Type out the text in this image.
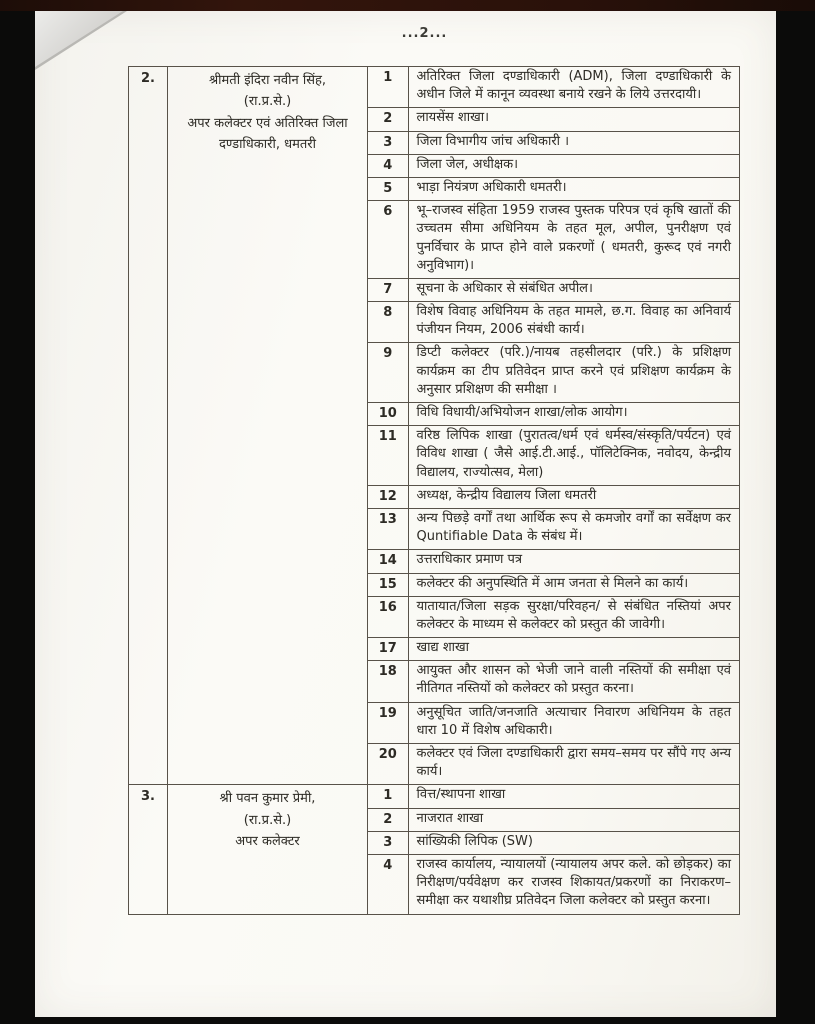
...2...
2.	श्रीमती इंदिरा नवीन सिंह,
(रा.प्र.से.)
अपर कलेक्टर एवं अतिरिक्त जिला
दण्डाधिकारी, धमतरी

1	अतिरिक्त जिला दण्डाधिकारी (ADM), जिला दण्डाधिकारी के अधीन जिले में कानून व्यवस्था बनाये रखने के लिये उत्तरदायी।
2	लायसेंस शाखा।
3	जिला विभागीय जांच अधिकारी ।
4	जिला जेल, अधीक्षक।
5	भाड़ा नियंत्रण अधिकारी धमतरी।
6	भू–राजस्व संहिता 1959 राजस्व पुस्तक परिपत्र एवं कृषि खातों की उच्चतम सीमा अधिनियम के तहत मूल, अपील, पुनरीक्षण एवं पुनर्विचार के प्राप्त होने वाले प्रकरणों ( धमतरी, कुरूद एवं नगरी अनुविभाग)।
7	सूचना के अधिकार से संबंधित अपील।
8	विशेष विवाह अधिनियम के तहत मामले, छ.ग. विवाह का अनिवार्य पंजीयन नियम, 2006 संबंधी कार्य।
9	डिप्टी कलेक्टर (परि.)/नायब तहसीलदार (परि.) के प्रशिक्षण कार्यक्रम का टीप प्रतिवेदन प्राप्त करने एवं प्रशिक्षण कार्यक्रम के अनुसार प्रशिक्षण की समीक्षा ।
10	विधि विधायी/अभियोजन शाखा/लोक आयोग।
11	वरिष्ठ लिपिक शाखा (पुरातत्व/धर्म एवं धर्मस्व/संस्कृति/पर्यटन) एवं विविध शाखा ( जैसे आई.टी.आई., पॉलिटेक्निक, नवोदय, केन्द्रीय विद्यालय, राज्योत्सव, मेला)
12	अध्यक्ष, केन्द्रीय विद्यालय जिला धमतरी
13	अन्य पिछड़े वर्गों तथा आर्थिक रूप से कमजोर वर्गों का सर्वेक्षण कर Quntifiable Data के संबंध में।
14	उत्तराधिकार प्रमाण पत्र
15	कलेक्टर की अनुपस्थिति में आम जनता से मिलने का कार्य।
16	यातायात/जिला सड़क सुरक्षा/परिवहन/ से संबंधित नस्तियां अपर कलेक्टर के माध्यम से कलेक्टर को प्रस्तुत की जावेगी।
17	खाद्य शाखा
18	आयुक्त और शासन को भेजी जाने वाली नस्तियों की समीक्षा एवं नीतिगत नस्तियों को कलेक्टर को प्रस्तुत करना।
19	अनुसूचित जाति/जनजाति अत्याचार निवारण अधिनियम के तहत धारा 10 में विशेष अधिकारी।
20	कलेक्टर एवं जिला दण्डाधिकारी द्वारा समय–समय पर सौंपे गए अन्य कार्य।

3.	श्री पवन कुमार प्रेमी,
(रा.प्र.से.)
अपर कलेक्टर

1	वित्त/स्थापना शाखा
2	नाजरात शाखा
3	सांख्यिकी लिपिक (SW)
4	राजस्व कार्यालय, न्यायालयों (न्यायालय अपर कले. को छोड़कर) का निरीक्षण/पर्यवेक्षण कर राजस्व शिकायत/प्रकरणों का निराकरण–समीक्षा कर यथाशीघ्र प्रतिवेदन जिला कलेक्टर को प्रस्तुत करना।
